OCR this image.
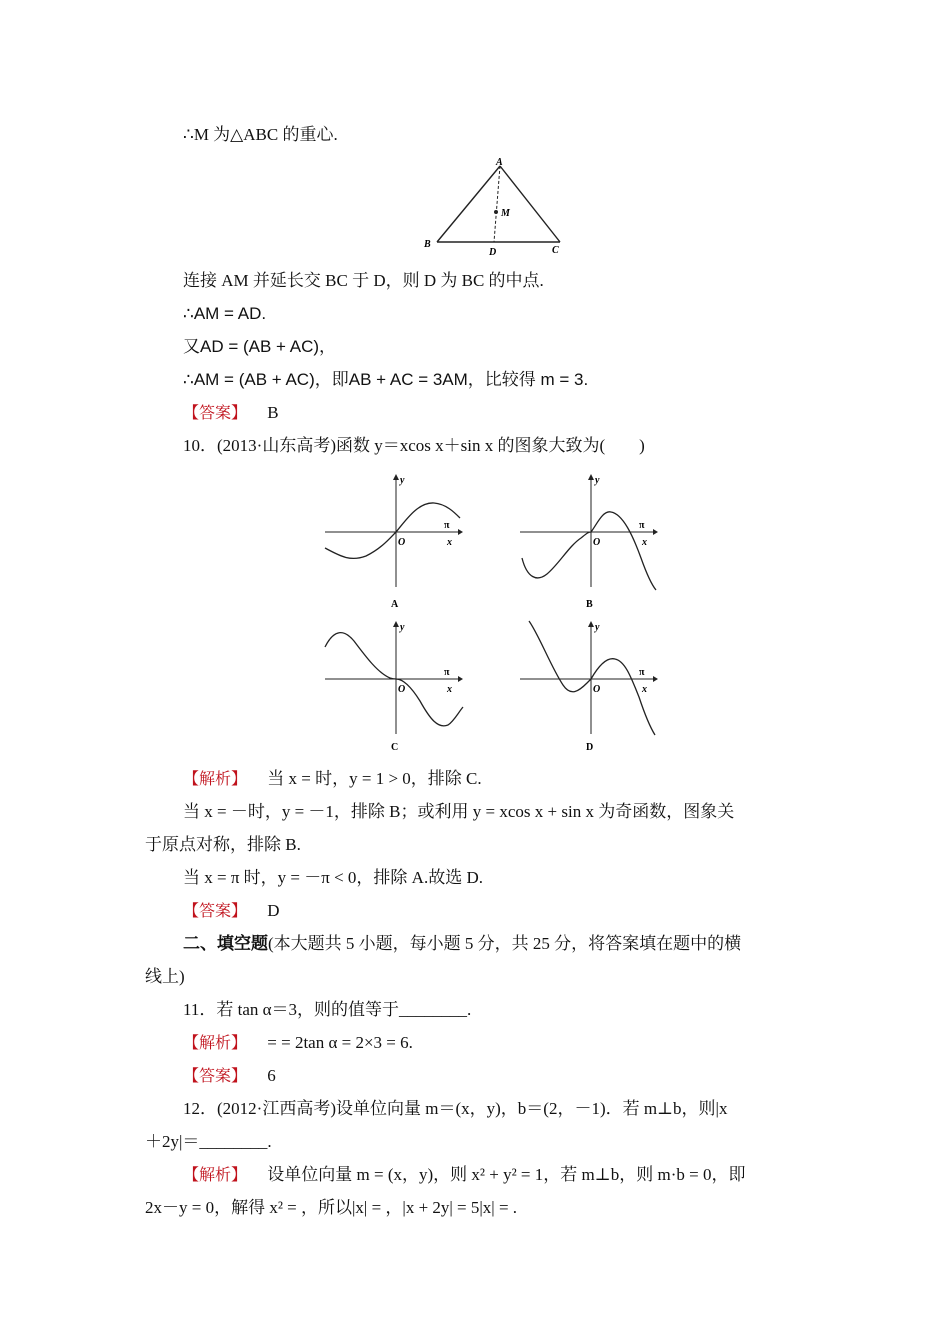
∴M 为△ABC 的重心.
A
B
C
D
M
连接 AM 并延长交 BC 于 D，则 D 为 BC 的中点.
∴AM = AD.
又AD = (AB + AC)，
∴AM = (AB + AC)，即AB + AC = 3AM，比较得 m = 3.
【答案】 B
10．(2013·山东高考)函数 y＝xcos x＋sin x 的图象大致为(　　)
y
x
O
π
A
y
x
O
π
B
y
x
O
π
C
y
x
O
π
D
【解析】 当 x = 时，y = 1 > 0，排除 C.
当 x = －时，y = －1，排除 B；或利用 y = xcos x + sin x 为奇函数，图象关
于原点对称，排除 B.
当 x = π 时，y = －π < 0，排除 A.故选 D.
【答案】 D
二、填空题(本大题共 5 小题，每小题 5 分，共 25 分，将答案填在题中的横
线上)
11．若 tan α＝3，则的值等于________.
【解析】 = = 2tan α = 2×3 = 6.
【答案】 6
12．(2012·江西高考)设单位向量 m＝(x，y)，b＝(2，－1)．若 m⊥b，则|x
＋2y|＝________.
【解析】 设单位向量 m = (x，y)，则 x² + y² = 1，若 m⊥b，则 m·b = 0，即
2x－y = 0，解得 x² = ，所以|x| = ，|x + 2y| = 5|x| = .
